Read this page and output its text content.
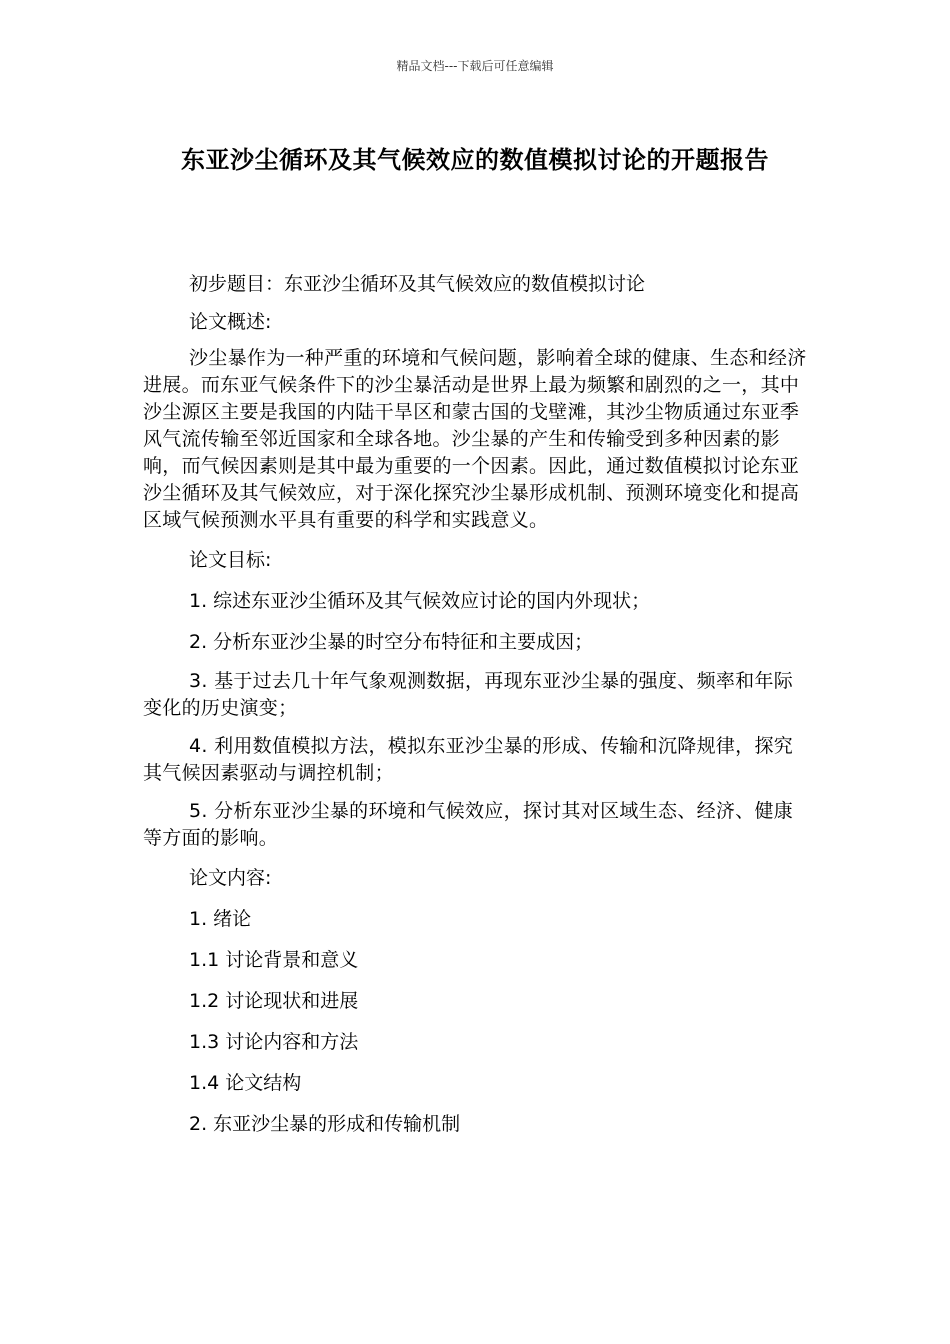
精品文档---下载后可任意编辑
东亚沙尘循环及其气候效应的数值模拟讨论的开题报告

初步题目：东亚沙尘循环及其气候效应的数值模拟讨论

论文概述:

沙尘暴作为一种严重的环境和气候问题，影响着全球的健康、生态和经济进展。而东亚气候条件下的沙尘暴活动是世界上最为频繁和剧烈的之一，其中沙尘源区主要是我国的内陆干旱区和蒙古国的戈壁滩，其沙尘物质通过东亚季风气流传输至邻近国家和全球各地。沙尘暴的产生和传输受到多种因素的影响，而气候因素则是其中最为重要的一个因素。因此，通过数值模拟讨论东亚沙尘循环及其气候效应，对于深化探究沙尘暴形成机制、预测环境变化和提高区域气候预测水平具有重要的科学和实践意义。

论文目标:

1. 综述东亚沙尘循环及其气候效应讨论的国内外现状；

2. 分析东亚沙尘暴的时空分布特征和主要成因；

3. 基于过去几十年气象观测数据，再现东亚沙尘暴的强度、频率和年际变化的历史演变；

4. 利用数值模拟方法，模拟东亚沙尘暴的形成、传输和沉降规律，探究其气候因素驱动与调控机制；

5. 分析东亚沙尘暴的环境和气候效应，探讨其对区域生态、经济、健康等方面的影响。

论文内容:

1. 绪论

1.1 讨论背景和意义

1.2 讨论现状和进展

1.3 讨论内容和方法

1.4 论文结构

2. 东亚沙尘暴的形成和传输机制
